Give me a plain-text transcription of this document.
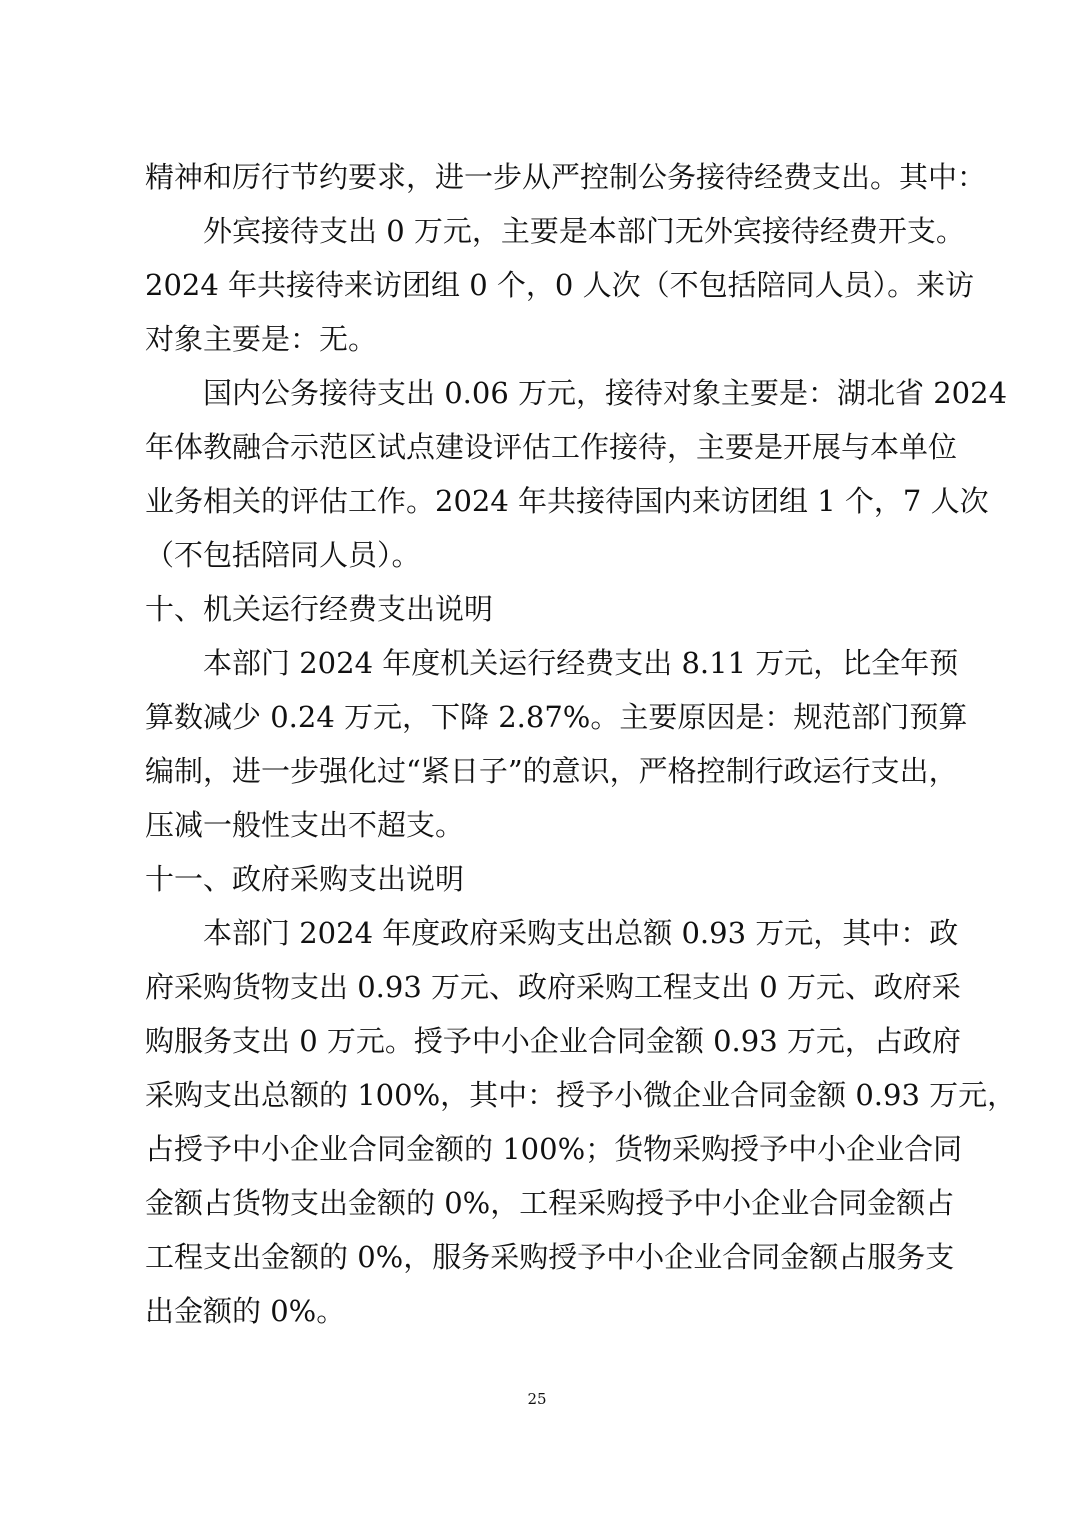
精神和厉行节约要求，进一步从严控制公务接待经费支出。其中：
外宾接待支出 0 万元，主要是本部门无外宾接待经费开支。
2024 年共接待来访团组 0 个，0 人次（不包括陪同人员）。来访
对象主要是：无。
国内公务接待支出 0.06 万元，接待对象主要是：湖北省 2024
年体教融合示范区试点建设评估工作接待，主要是开展与本单位
业务相关的评估工作。2024 年共接待国内来访团组 1 个，7 人次
（不包括陪同人员）。
十、机关运行经费支出说明
本部门 2024 年度机关运行经费支出 8.11 万元，比全年预
算数减少 0.24 万元，下降 2.87%。主要原因是：规范部门预算
编制，进一步强化过“紧日子”的意识，严格控制行政运行支出，
压减一般性支出不超支。
十一、政府采购支出说明
本部门 2024 年度政府采购支出总额 0.93 万元，其中：政
府采购货物支出 0.93 万元、政府采购工程支出 0 万元、政府采
购服务支出 0 万元。授予中小企业合同金额 0.93 万元，占政府
采购支出总额的 100%，其中：授予小微企业合同金额 0.93 万元，
占授予中小企业合同金额的 100%；货物采购授予中小企业合同
金额占货物支出金额的 0%，工程采购授予中小企业合同金额占
工程支出金额的 0%，服务采购授予中小企业合同金额占服务支
出金额的 0%。
25
